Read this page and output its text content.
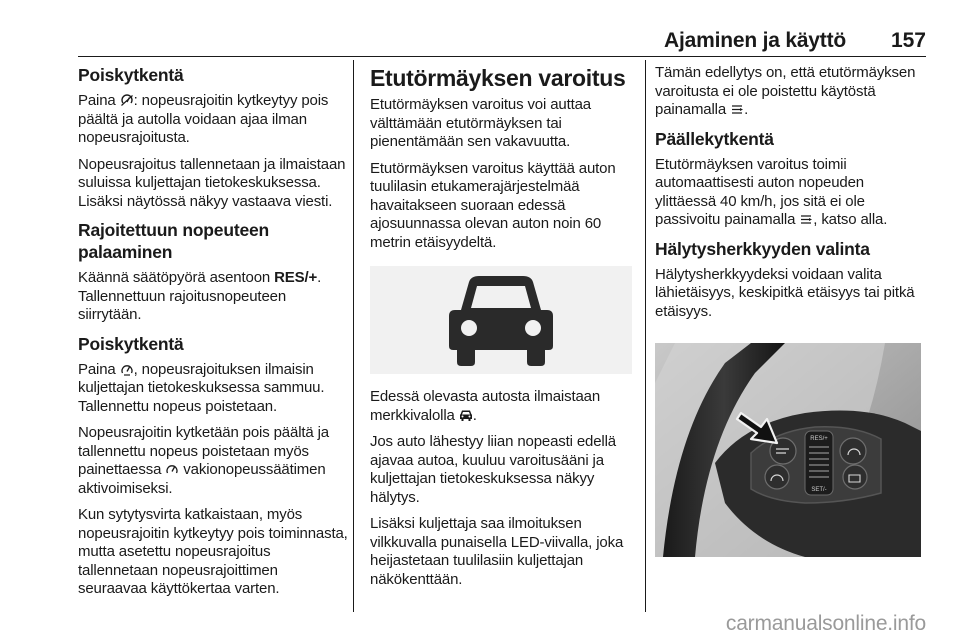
Ajaminen ja käyttö 157
Poiskytkentä

Paina : nopeusrajoitin kytkeytyy pois päältä ja autolla voidaan ajaa ilman nopeusrajoitusta.

Nopeusrajoitus tallennetaan ja ilmaistaan suluissa kuljettajan tietokeskuksessa. Lisäksi näytössä näkyy vastaava viesti.

Rajoitettuun nopeuteen palaaminen

Käännä säätöpyörä asentoon RES/+. Tallennettuun rajoitusnopeuteen siirrytään.

Poiskytkentä

Paina , nopeusrajoituksen ilmaisin kuljettajan tietokeskuksessa sammuu. Tallennettu nopeus poistetaan.

Nopeusrajoitin kytketään pois päältä ja tallennettu nopeus poistetaan myös painettaessa  vakionopeussäätimen aktivoimiseksi.

Kun sytytysvirta katkaistaan, myös nopeusrajoitin kytkeytyy pois toiminnasta, mutta asetettu nopeusrajoitus tallennetaan nopeusrajoittimen seuraavaa käyttökertaa varten.

Etutörmäyksen varoitus

Etutörmäyksen varoitus voi auttaa välttämään etutörmäyksen tai pienentämään sen vakavuutta.

Etutörmäyksen varoitus käyttää auton tuulilasin etukamerajärjestelmää havaitakseen suoraan edessä ajosuunnassa olevan auton noin 60 metrin etäisyydeltä.

Edessä olevasta autosta ilmaistaan merkkivalolla .

Jos auto lähestyy liian nopeasti edellä ajavaa autoa, kuuluu varoitusääni ja kuljettajan tietokeskuksessa näkyy hälytys.

Lisäksi kuljettaja saa ilmoituksen vilkkuvalla punaisella LED-viivalla, joka heijastetaan tuulilasiin kuljettajan näkökenttään.

Tämän edellytys on, että etutörmäyksen varoitusta ei ole poistettu käytöstä painamalla .

Päällekytkentä

Etutörmäyksen varoitus toimii automaattisesti auton nopeuden ylittäessä 40 km/h, jos sitä ei ole passivoitu painamalla , katso alla.

Hälytysherkkyyden valinta

Hälytysherkkyydeksi voidaan valita lähietäisyys, keskipitkä etäisyys tai pitkä etäisyys.

RES/+
SET/-
carmanualsonline.info
